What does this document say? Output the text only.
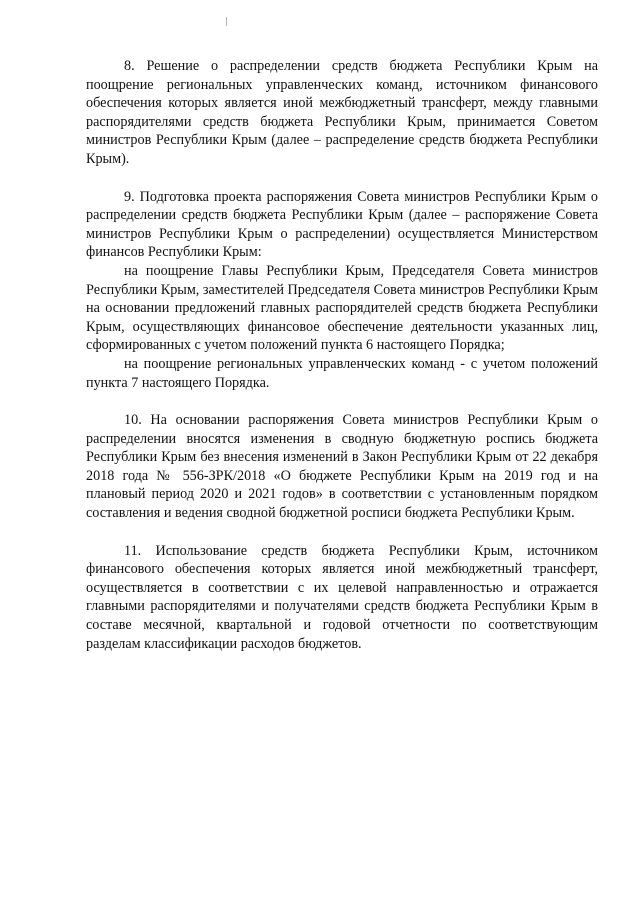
8. Решение о распределении средств бюджета Республики Крым на поощрение региональных управленческих команд, источником финансового обеспечения которых является иной межбюджетный трансферт, между главными распорядителями средств бюджета Республики Крым, принимается Советом министров Республики Крым (далее – распределение средств бюджета Республики Крым).

9. Подготовка проекта распоряжения Совета министров Республики Крым о распределении средств бюджета Республики Крым (далее – распоряжение Совета министров Республики Крым о распределении) осуществляется Министерством финансов Республики Крым:

на поощрение Главы Республики Крым, Председателя Совета министров Республики Крым, заместителей Председателя Совета министров Республики Крым на основании предложений главных распорядителей средств бюджета Республики Крым, осуществляющих финансовое обеспечение деятельности указанных лиц, сформированных с учетом положений пункта 6 настоящего Порядка;

на поощрение региональных управленческих команд - с учетом положений пункта 7 настоящего Порядка.

10. На основании распоряжения Совета министров Республики Крым о распределении вносятся изменения в сводную бюджетную роспись бюджета Республики Крым без внесения изменений в Закон Республики Крым от 22 декабря 2018 года № 556-ЗРК/2018 «О бюджете Республики Крым на 2019 год и на плановый период 2020 и 2021 годов» в соответствии с установленным порядком составления и ведения сводной бюджетной росписи бюджета Республики Крым.

11. Использование средств бюджета Республики Крым, источником финансового обеспечения которых является иной межбюджетный трансферт, осуществляется в соответствии с их целевой направленностью и отражается главными распорядителями и получателями средств бюджета Республики Крым в составе месячной, квартальной и годовой отчетности по соответствующим разделам классификации расходов бюджетов.
